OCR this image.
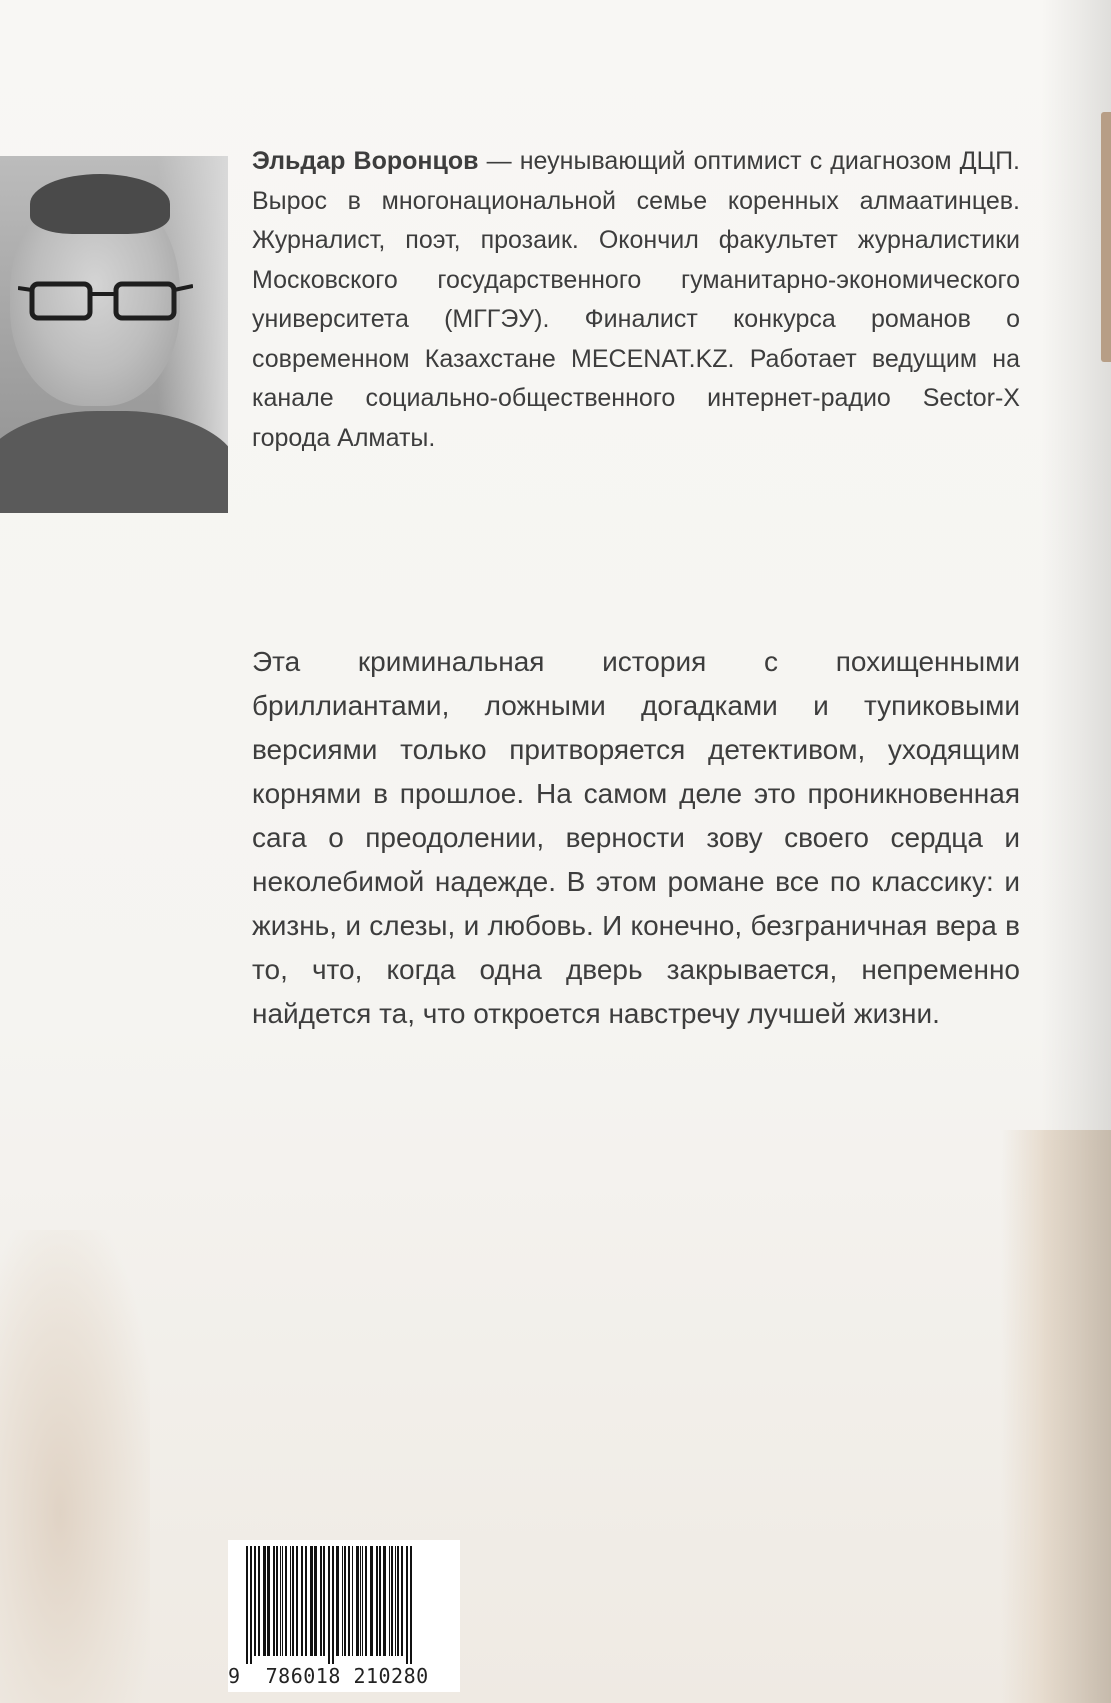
Эльдар Воронцов — неунывающий оптимист с диагнозом ДЦП. Вырос в многонациональной семье коренных алмаатинцев. Журналист, поэт, прозаик. Окончил факультет журналистики Московского государственного гуманитарно-экономического университета (МГГЭУ). Финалист конкурса романов о современном Казахстане MECENAT.KZ. Работает ведущим на канале социально-общественного интернет-радио Sector-X города Алматы.

Эта криминальная история с похищенными бриллиантами, ложными догадками и тупиковыми версиями только притворяется детективом, уходящим корнями в прошлое. На самом деле это проникновенная сага о преодолении, верности зову своего сердца и неколебимой надежде. В этом романе все по классику: и жизнь, и слезы, и любовь. И конечно, безграничная вера в то, что, когда одна дверь закрывается, непременно найдется та, что откроется навстречу лучшей жизни.

9 786018 210280
